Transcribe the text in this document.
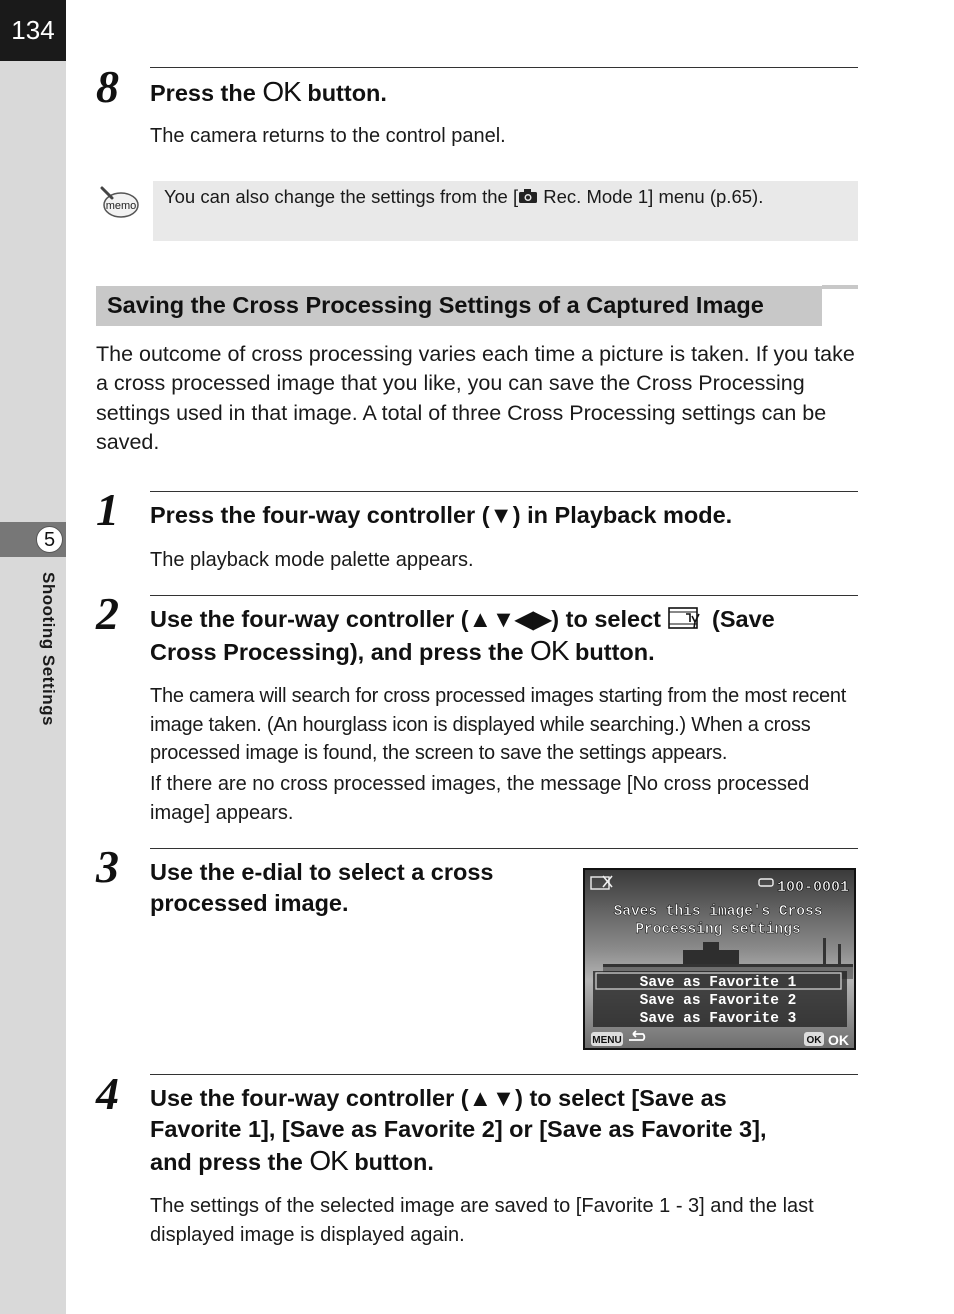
134
5
Shooting Settings
8 Press the OK button.
The camera returns to the control panel.
memo You can also change the settings from the [ Rec. Mode 1] menu (p.65).
Saving the Cross Processing Settings of a Captured Image
The outcome of cross processing varies each time a picture is taken. If you take a cross processed image that you like, you can save the Cross Processing settings used in that image. A total of three Cross Processing settings can be saved.
1 Press the four-way controller (▼) in Playback mode.
The playback mode palette appears.
2 Use the four-way controller (▲▼◀▶) to select  (Save
Cross Processing), and press the OK button.
The camera will search for cross processed images starting from the most recent image taken. (An hourglass icon is displayed while searching.) When a cross processed image is found, the screen to save the settings appears.
If there are no cross processed images, the message [No cross processed image] appears.
3 Use the e-dial to select a cross processed image.
100-0001
Saves this image's Cross
Processing settings
Save as Favorite 1
Save as Favorite 2
Save as Favorite 3
MENU	OK OK
4 Use the four-way controller (▲▼) to select [Save as
Favorite 1], [Save as Favorite 2] or [Save as Favorite 3],
and press the OK button.
The settings of the selected image are saved to [Favorite 1 - 3] and the last displayed image is displayed again.
